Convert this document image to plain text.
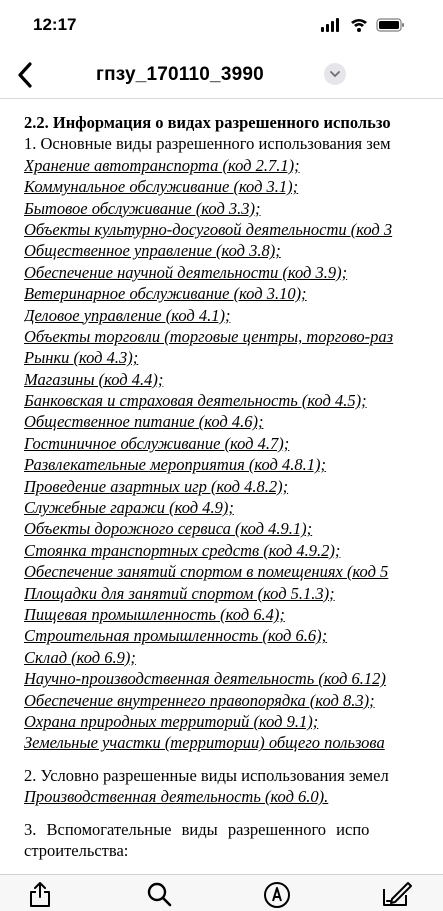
12:17
гпзу_170110_3990
2.2. Информация о видах разрешенного использо
1. Основные виды разрешенного использования зем
Хранение автотранспорта (код 2.7.1);
Коммунальное обслуживание (код 3.1);
Бытовое обслуживание (код 3.3);
Объекты культурно-досуговой деятельности (код 3
Общественное управление (код 3.8);
Обеспечение научной деятельности (код 3.9);
Ветеринарное обслуживание (код 3.10);
Деловое управление (код 4.1);
Объекты торговли (торговые центры, торгово-раз
Рынки (код 4.3);
Магазины (код 4.4);
Банковская и страховая деятельность (код 4.5);
Общественное питание (код 4.6);
Гостиничное обслуживание (код 4.7);
Развлекательные мероприятия (код 4.8.1);
Проведение азартных игр (код 4.8.2);
Служебные гаражи (код 4.9);
Объекты дорожного сервиса (код 4.9.1);
Стоянка транспортных средств (код 4.9.2);
Обеспечение занятий спортом в помещениях (код 5
Площадки для занятий спортом (код 5.1.3);
Пищевая промышленность (код 6.4);
Строительная промышленность (код 6.6);
Склад (код 6.9);
Научно-производственная деятельность (код 6.12)
Обеспечение внутреннего правопорядка (код 8.3);
Охрана природных территорий (код 9.1);
Земельные участки (территории) общего пользова
2. Условно разрешенные виды использования земел
Производственная деятельность (код 6.0).
3. Вспомогательные виды разрешенного испо
строительства:
